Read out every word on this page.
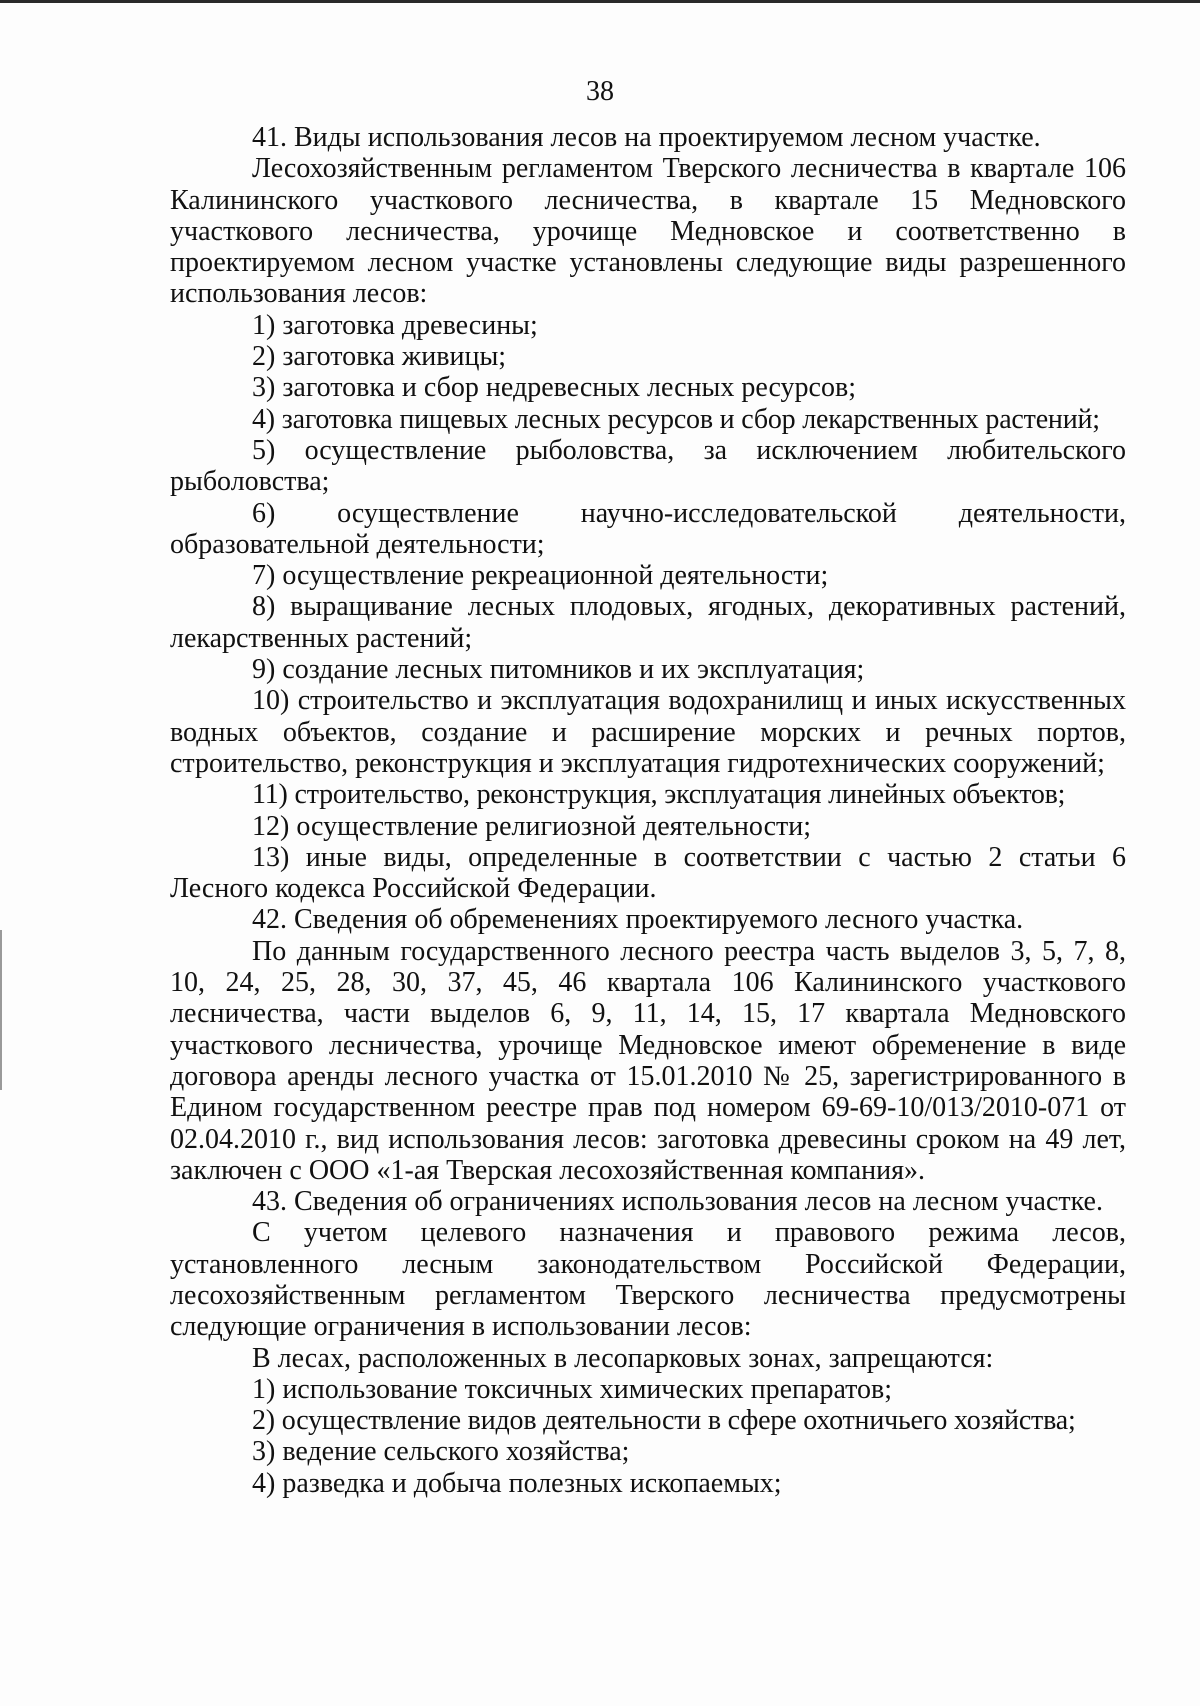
38

41. Виды использования лесов на проектируемом лесном участке.

Лесохозяйственным регламентом Тверского лесничества в квартале 106 Калининского участкового лесничества, в квартале 15 Медновского участкового лесничества, урочище Медновское и соответственно в проектируемом лесном участке установлены следующие виды разрешенного использования лесов:

1) заготовка древесины;

2) заготовка живицы;

3) заготовка и сбор недревесных лесных ресурсов;

4) заготовка пищевых лесных ресурсов и сбор лекарственных растений;

5) осуществление рыболовства, за исключением любительского рыболовства;

6) осуществление научно-исследовательской деятельности, образовательной деятельности;

7) осуществление рекреационной деятельности;

8) выращивание лесных плодовых, ягодных, декоративных растений, лекарственных растений;

9) создание лесных питомников и их эксплуатация;

10) строительство и эксплуатация водохранилищ и иных искусственных водных объектов, создание и расширение морских и речных портов, строительство, реконструкция и эксплуатация гидротехнических сооружений;

11) строительство, реконструкция, эксплуатация линейных объектов;

12) осуществление религиозной деятельности;

13) иные виды, определенные в соответствии с частью 2 статьи 6 Лесного кодекса Российской Федерации.

42. Сведения об обременениях проектируемого лесного участка.

По данным государственного лесного реестра часть выделов 3, 5, 7, 8, 10, 24, 25, 28, 30, 37, 45, 46 квартала 106 Калининского участкового лесничества, части выделов 6, 9, 11, 14, 15, 17 квартала Медновского участкового лесничества, урочище Медновское имеют обременение в виде договора аренды лесного участка от 15.01.2010 № 25, зарегистрированного в Едином государственном реестре прав под номером 69-69-10/013/2010-071 от 02.04.2010 г., вид использования лесов: заготовка древесины сроком на 49 лет, заключен с ООО «1-ая Тверская лесохозяйственная компания».

43. Сведения об ограничениях использования лесов на лесном участке.

С учетом целевого назначения и правового режима лесов, установленного лесным законодательством Российской Федерации, лесохозяйственным регламентом Тверского лесничества предусмотрены следующие ограничения в использовании лесов:

В лесах, расположенных в лесопарковых зонах, запрещаются:

1) использование токсичных химических препаратов;

2) осуществление видов деятельности в сфере охотничьего хозяйства;

3) ведение сельского хозяйства;

4) разведка и добыча полезных ископаемых;
